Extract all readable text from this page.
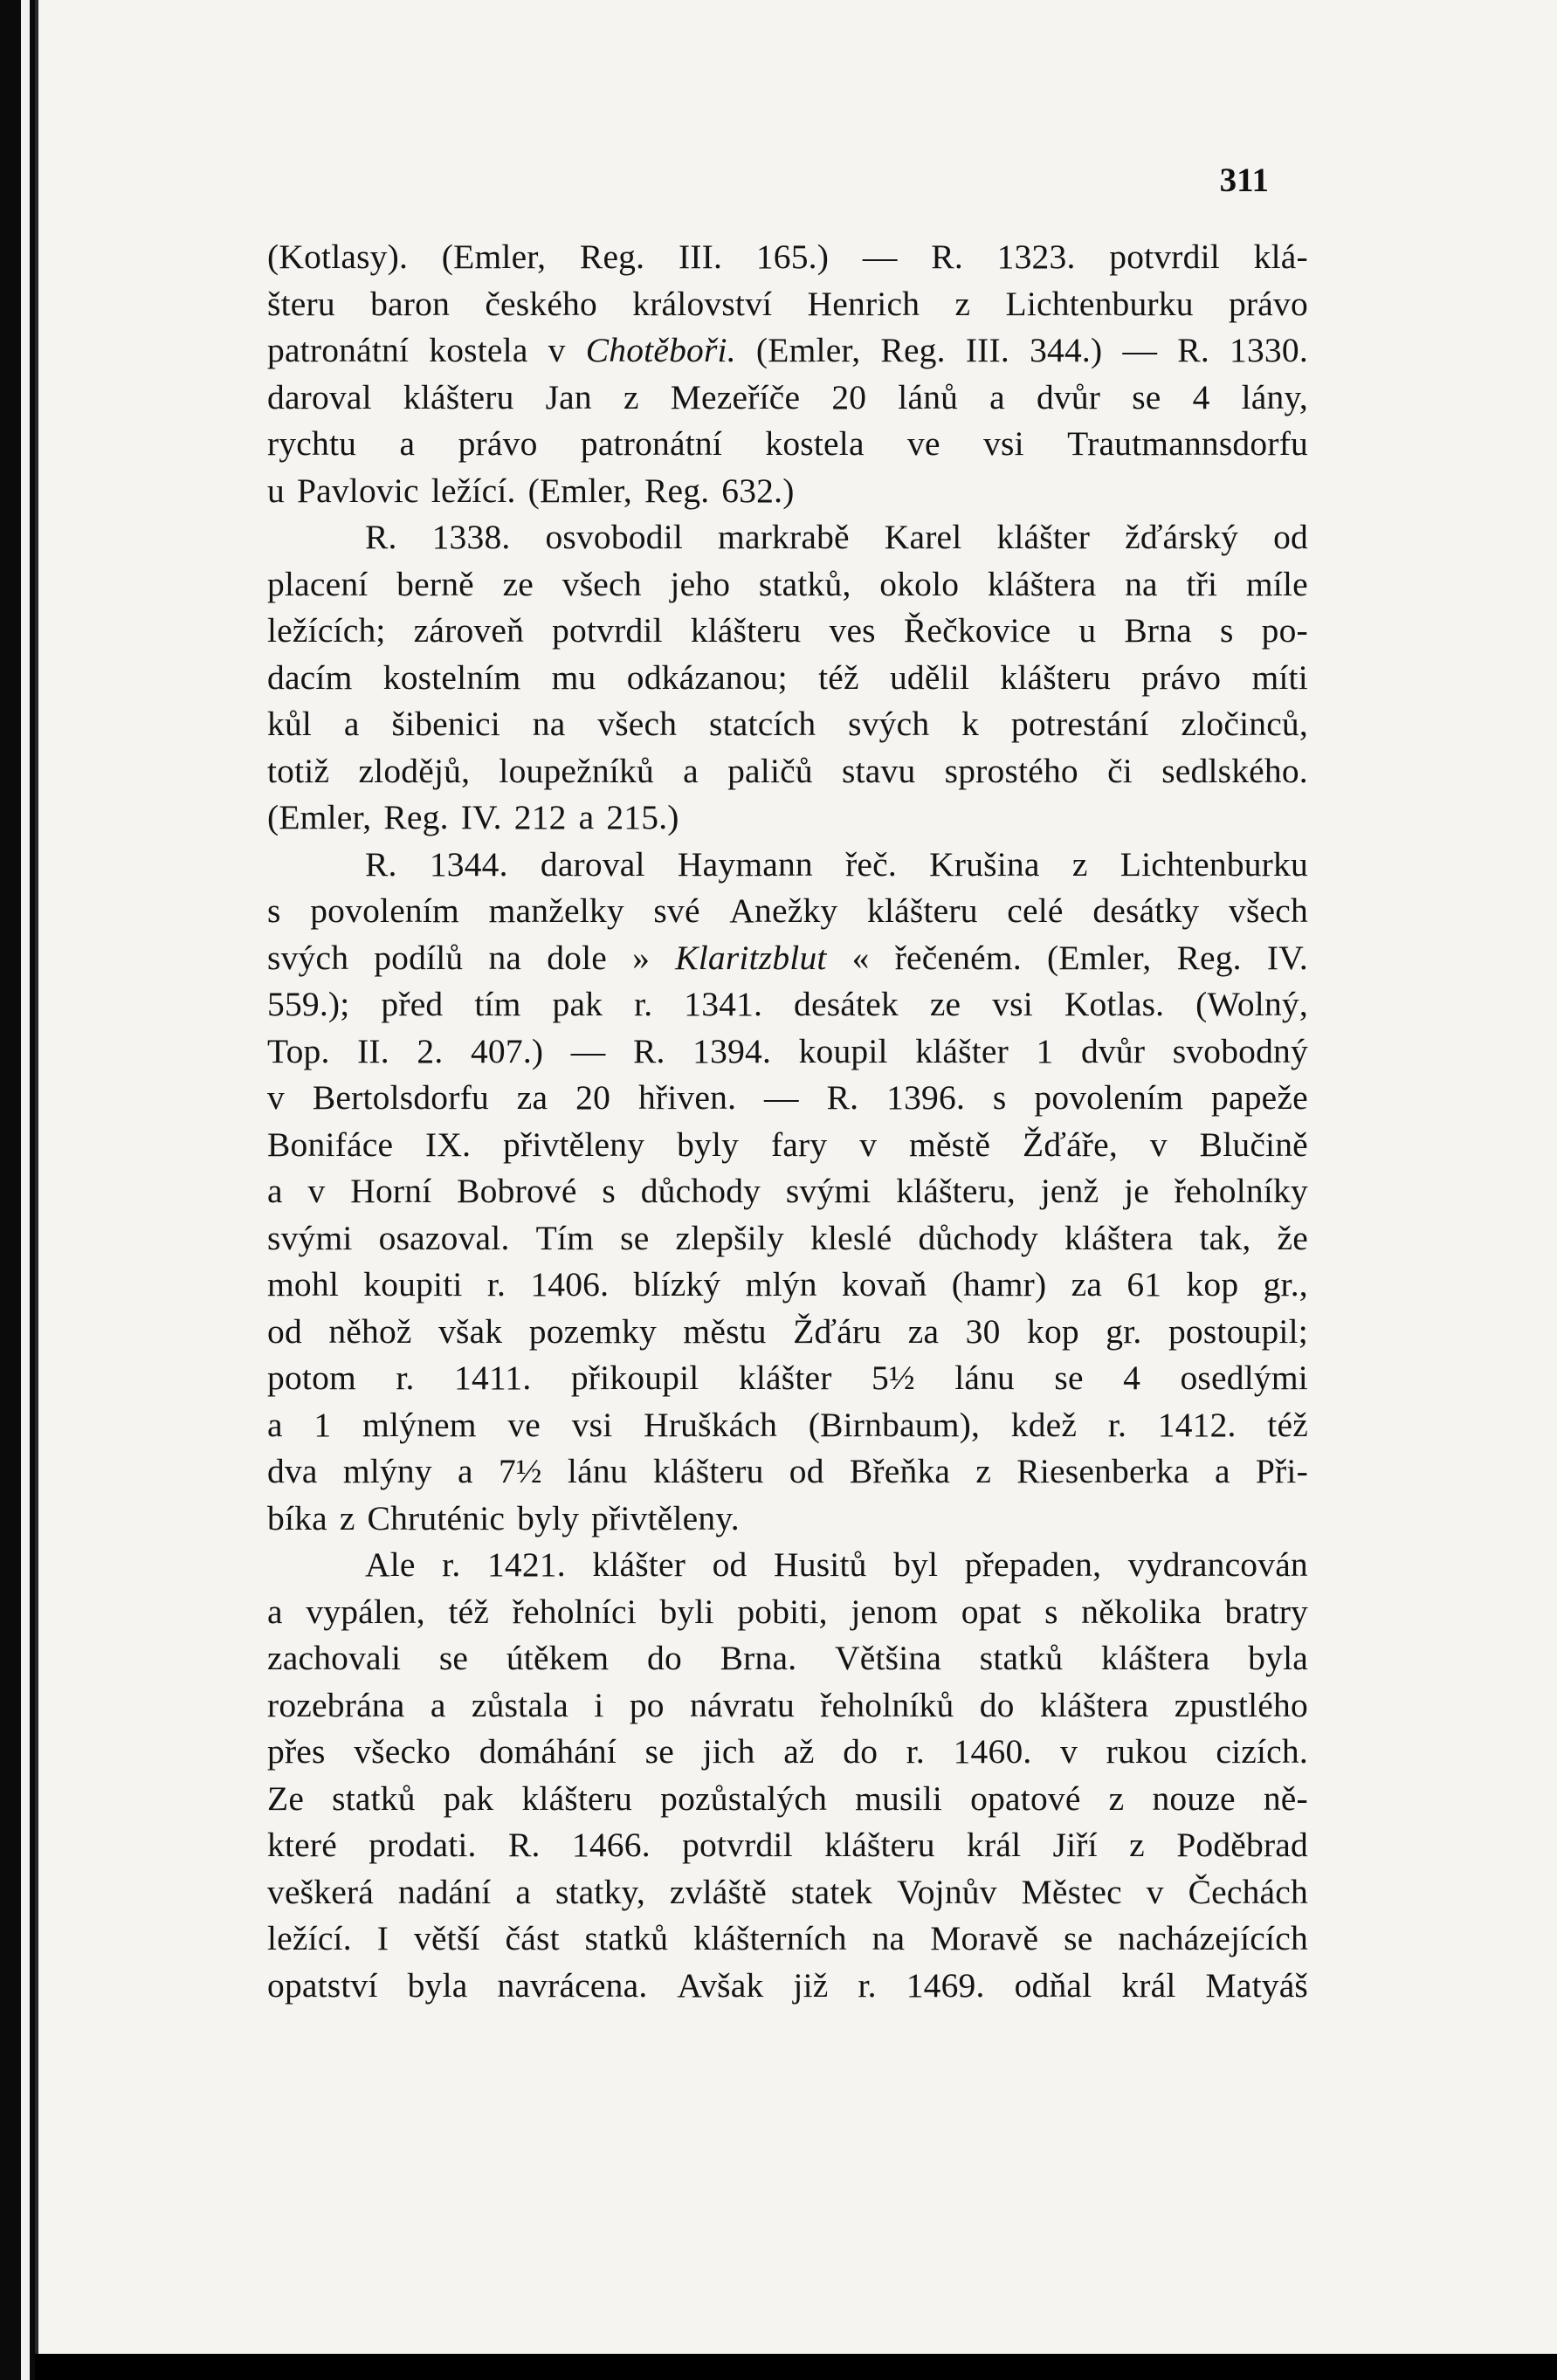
311
(Kotlasy). (Emler, Reg. III. 165.) — R. 1323. potvrdil klá-
šteru baron českého království Henrich z Lichtenburku právo
patronátní kostela v Chotěboři. (Emler, Reg. III. 344.) — R. 1330.
daroval klášteru Jan z Mezeříče 20 lánů a dvůr se 4 lány,
rychtu a právo patronátní kostela ve vsi Trautmannsdorfu
u Pavlovic ležící. (Emler, Reg. 632.)
R. 1338. osvobodil markrabě Karel klášter žďárský od
placení berně ze všech jeho statků, okolo kláštera na tři míle
ležících; zároveň potvrdil klášteru ves Řečkovice u Brna s po-
dacím kostelním mu odkázanou; též udělil klášteru právo míti
kůl a šibenici na všech statcích svých k potrestání zločinců,
totiž zlodějů, loupežníků a paličů stavu sprostého či sedlského.
(Emler, Reg. IV. 212 a 215.)
R. 1344. daroval Haymann řeč. Krušina z Lichtenburku
s povolením manželky své Anežky klášteru celé desátky všech
svých podílů na dole » Klaritzblut « řečeném. (Emler, Reg. IV.
559.); před tím pak r. 1341. desátek ze vsi Kotlas. (Wolný,
Top. II. 2. 407.) — R. 1394. koupil klášter 1 dvůr svobodný
v Bertolsdorfu za 20 hřiven. — R. 1396. s povolením papeže
Bonifáce IX. přivtěleny byly fary v městě Žďáře, v Blučině
a v Horní Bobrové s důchody svými klášteru, jenž je řeholníky
svými osazoval. Tím se zlepšily kleslé důchody kláštera tak, že
mohl koupiti r. 1406. blízký mlýn kovaň (hamr) za 61 kop gr.,
od něhož však pozemky městu Žďáru za 30 kop gr. postoupil;
potom r. 1411. přikoupil klášter 5½ lánu se 4 osedlými
a 1 mlýnem ve vsi Hruškách (Birnbaum), kdež r. 1412. též
dva mlýny a 7½ lánu klášteru od Břeňka z Riesenberka a Při-
bíka z Chruténic byly přivtěleny.
Ale r. 1421. klášter od Husitů byl přepaden, vydrancován
a vypálen, též řeholníci byli pobiti, jenom opat s několika bratry
zachovali se útěkem do Brna. Většina statků kláštera byla
rozebrána a zůstala i po návratu řeholníků do kláštera zpustlého
přes všecko domáhání se jich až do r. 1460. v rukou cizích.
Ze statků pak klášteru pozůstalých musili opatové z nouze ně-
které prodati. R. 1466. potvrdil klášteru král Jiří z Poděbrad
veškerá nadání a statky, zvláště statek Vojnův Městec v Čechách
ležící. I větší část statků klášterních na Moravě se nacházejících
opatství byla navrácena. Avšak již r. 1469. odňal král Matyáš
